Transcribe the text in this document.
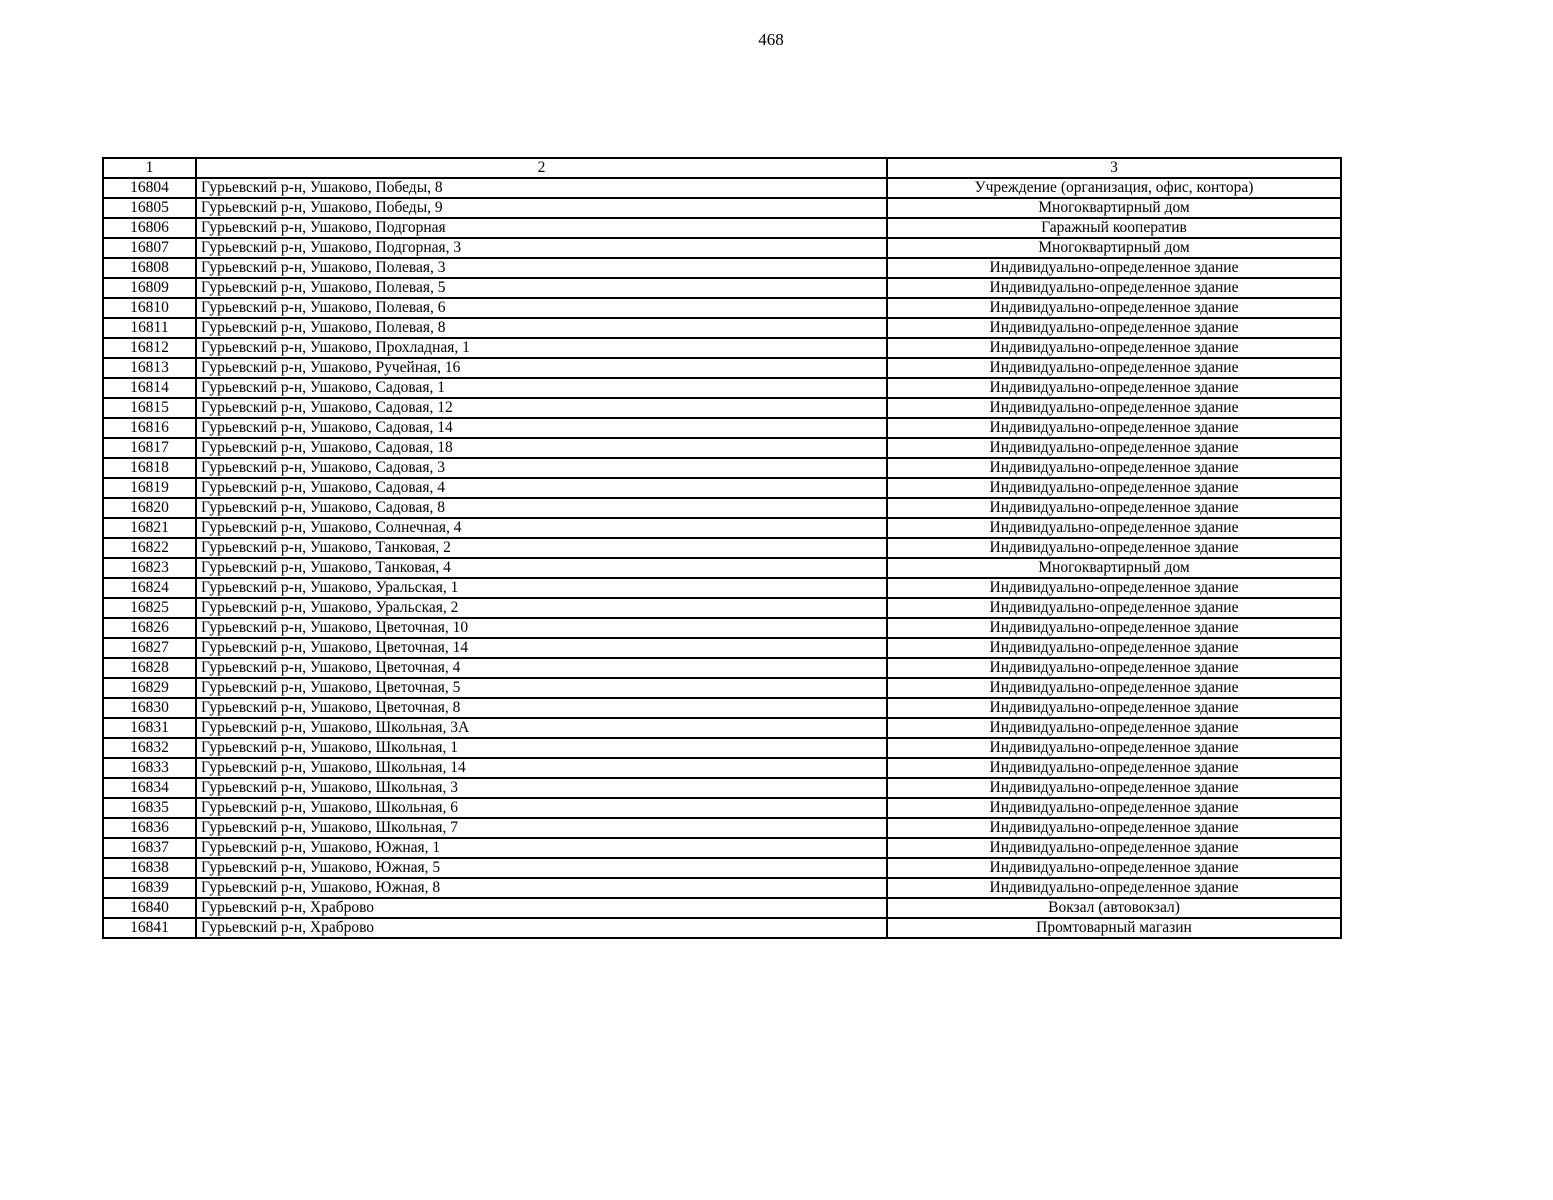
468
1	2	3
16804	Гурьевский р-н, Ушаково, Победы, 8	Учреждение (организация, офис, контора)
16805	Гурьевский р-н, Ушаково, Победы, 9	Многоквартирный дом
16806	Гурьевский р-н, Ушаково, Подгорная	Гаражный кооператив
16807	Гурьевский р-н, Ушаково, Подгорная, 3	Многоквартирный дом
16808	Гурьевский р-н, Ушаково, Полевая, 3	Индивидуально-определенное здание
16809	Гурьевский р-н, Ушаково, Полевая, 5	Индивидуально-определенное здание
16810	Гурьевский р-н, Ушаково, Полевая, 6	Индивидуально-определенное здание
16811	Гурьевский р-н, Ушаково, Полевая, 8	Индивидуально-определенное здание
16812	Гурьевский р-н, Ушаково, Прохладная, 1	Индивидуально-определенное здание
16813	Гурьевский р-н, Ушаково, Ручейная, 16	Индивидуально-определенное здание
16814	Гурьевский р-н, Ушаково, Садовая, 1	Индивидуально-определенное здание
16815	Гурьевский р-н, Ушаково, Садовая, 12	Индивидуально-определенное здание
16816	Гурьевский р-н, Ушаково, Садовая, 14	Индивидуально-определенное здание
16817	Гурьевский р-н, Ушаково, Садовая, 18	Индивидуально-определенное здание
16818	Гурьевский р-н, Ушаково, Садовая, 3	Индивидуально-определенное здание
16819	Гурьевский р-н, Ушаково, Садовая, 4	Индивидуально-определенное здание
16820	Гурьевский р-н, Ушаково, Садовая, 8	Индивидуально-определенное здание
16821	Гурьевский р-н, Ушаково, Солнечная, 4	Индивидуально-определенное здание
16822	Гурьевский р-н, Ушаково, Танковая, 2	Индивидуально-определенное здание
16823	Гурьевский р-н, Ушаково, Танковая, 4	Многоквартирный дом
16824	Гурьевский р-н, Ушаково, Уральская, 1	Индивидуально-определенное здание
16825	Гурьевский р-н, Ушаково, Уральская, 2	Индивидуально-определенное здание
16826	Гурьевский р-н, Ушаково, Цветочная, 10	Индивидуально-определенное здание
16827	Гурьевский р-н, Ушаково, Цветочная, 14	Индивидуально-определенное здание
16828	Гурьевский р-н, Ушаково, Цветочная, 4	Индивидуально-определенное здание
16829	Гурьевский р-н, Ушаково, Цветочная, 5	Индивидуально-определенное здание
16830	Гурьевский р-н, Ушаково, Цветочная, 8	Индивидуально-определенное здание
16831	Гурьевский р-н, Ушаково, Школьная, 3А	Индивидуально-определенное здание
16832	Гурьевский р-н, Ушаково, Школьная, 1	Индивидуально-определенное здание
16833	Гурьевский р-н, Ушаково, Школьная, 14	Индивидуально-определенное здание
16834	Гурьевский р-н, Ушаково, Школьная, 3	Индивидуально-определенное здание
16835	Гурьевский р-н, Ушаково, Школьная, 6	Индивидуально-определенное здание
16836	Гурьевский р-н, Ушаково, Школьная, 7	Индивидуально-определенное здание
16837	Гурьевский р-н, Ушаково, Южная, 1	Индивидуально-определенное здание
16838	Гурьевский р-н, Ушаково, Южная, 5	Индивидуально-определенное здание
16839	Гурьевский р-н, Ушаково, Южная, 8	Индивидуально-определенное здание
16840	Гурьевский р-н, Храброво	Вокзал (автовокзал)
16841	Гурьевский р-н, Храброво	Промтоварный магазин
